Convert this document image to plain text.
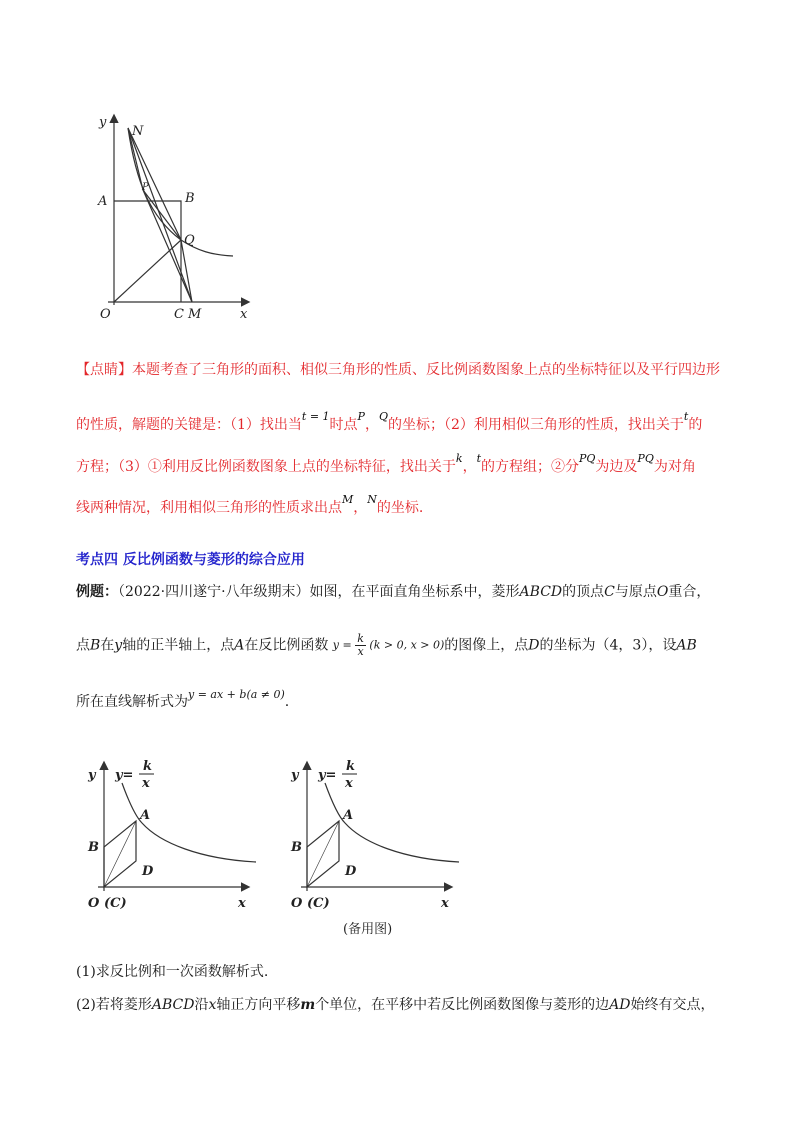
y
N
A	B
P
Q
O	C M	x
【点睛】本题考查了三角形的面积、相似三角形的性质、反比例函数图象上点的坐标特征以及平行四边形
的性质，解题的关键是：（1）找出当$^{t = 1}$时点$^P$，$^Q$的坐标；（2）利用相似三角形的性质，找出关于$^t$的
方程；（3）①利用反比例函数图象上点的坐标特征，找出关于$^k$，$^t$的方程组；②分$^{PQ}$为边及$^{PQ}$为对角
线两种情况，利用相似三角形的性质求出点$^M$，$^N$的坐标.
考点四 反比例函数与菱形的综合应用
例题：（2022·四川遂宁·八年级期末）如图，在平面直角坐标系中，菱形ABCD的顶点C与原点O重合，
点B在y轴的正半轴上，点A在反比例函数 $y = \frac{k}{x} (k > 0$, x > 0)的图像上，点D的坐标为（4，3），设AB
所在直线解析式为$^{y = ax + b(a \ne 0)}$.
y y=
k
x
A
B
D
O (C)	x
y y=
k
x
A
B
D
O (C)	x
(备用图)
(1)求反比例和一次函数解析式.
(2)若将菱形ABCD沿x轴正方向平移m个单位，在平移中若反比例函数图像与菱形的边AD始终有交点，
